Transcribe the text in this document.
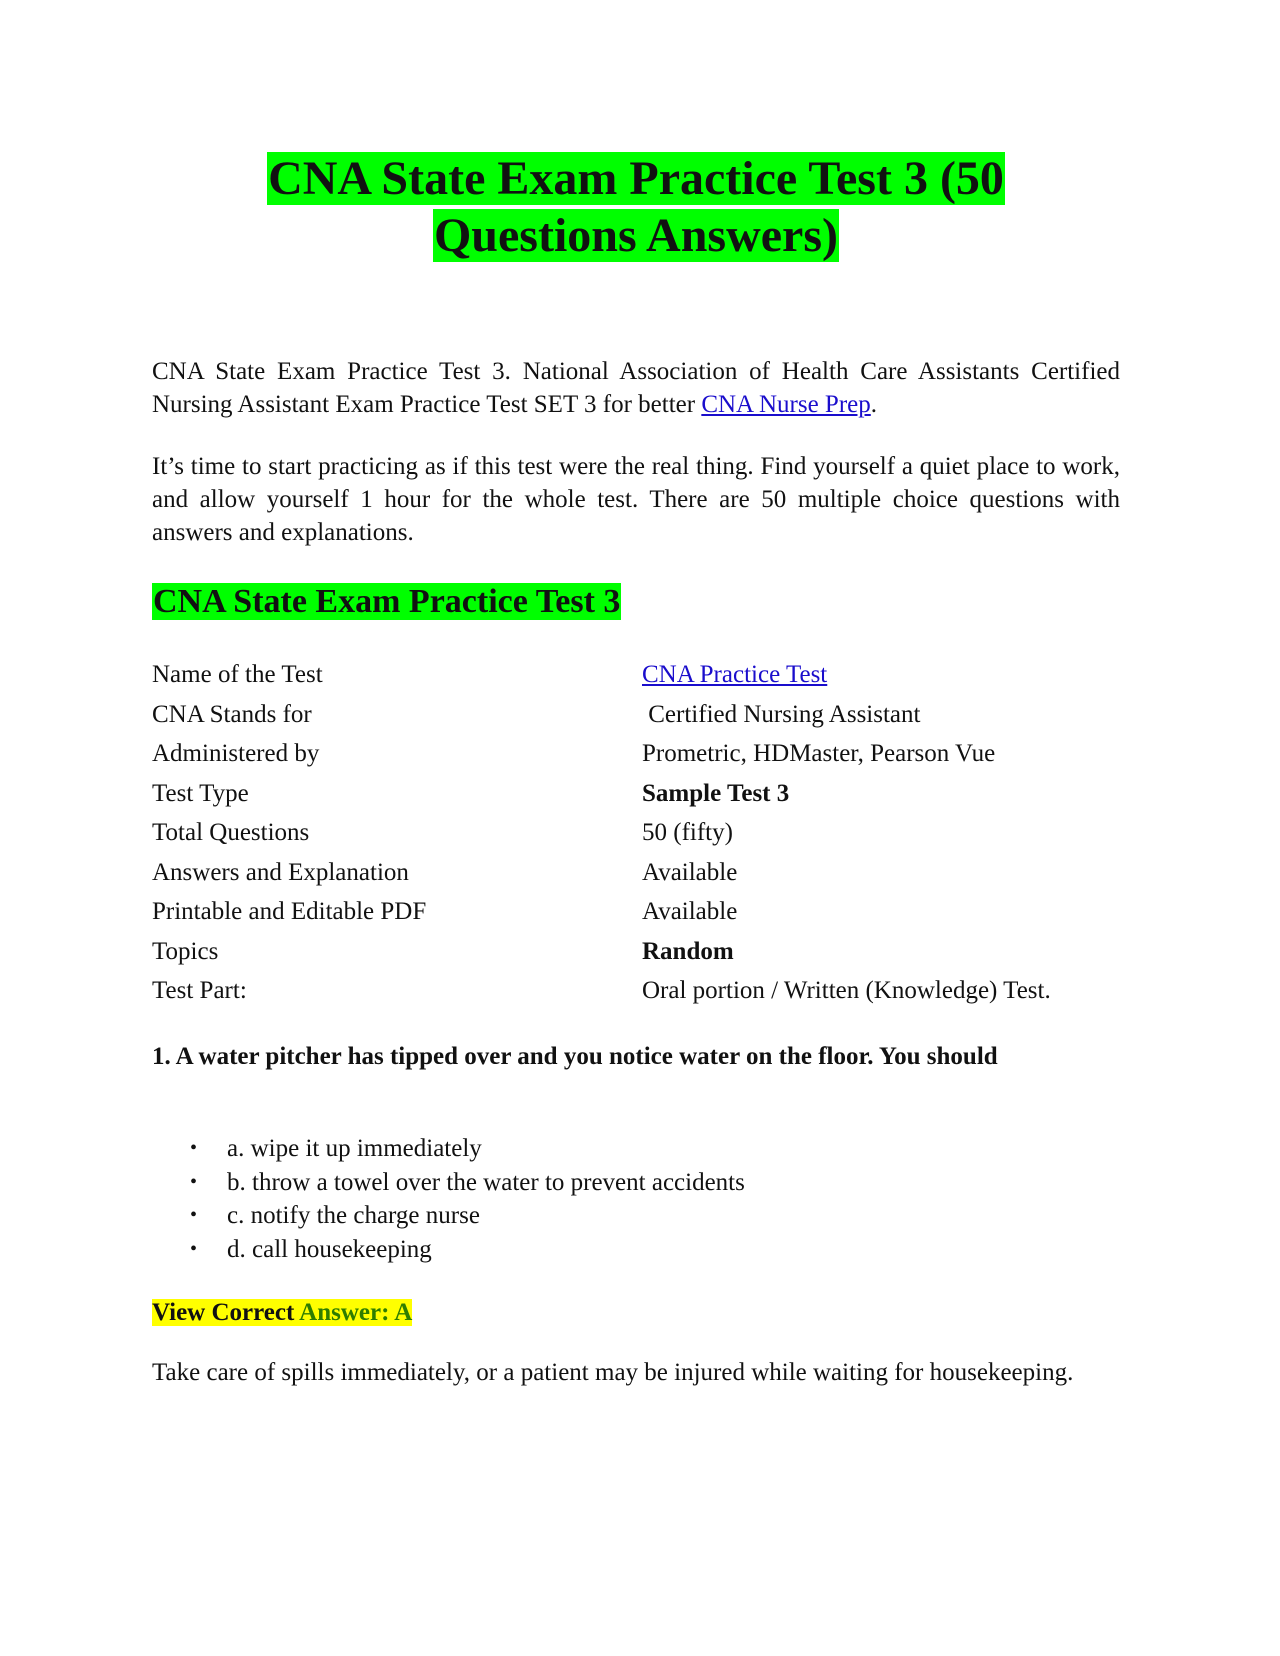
CNA State Exam Practice Test 3 (50
Questions Answers)

CNA State Exam Practice Test 3. National Association of Health Care Assistants Certified Nursing Assistant Exam Practice Test SET 3 for better CNA Nurse Prep.

It’s time to start practicing as if this test were the real thing. Find yourself a quiet place to work, and allow yourself 1 hour for the whole test. There are 50 multiple choice questions with answers and explanations.

CNA State Exam Practice Test 3
Name of the Test	CNA Practice Test
CNA Stands for	Certified Nursing Assistant
Administered by	Prometric, HDMaster, Pearson Vue
Test Type	Sample Test 3
Total Questions	50 (fifty)
Answers and Explanation	Available
Printable and Editable PDF	Available
Topics	Random
Test Part:	Oral portion / Written (Knowledge) Test.

1. A water pitcher has tipped over and you notice water on the floor. You should

• a. wipe it up immediately
• b. throw a towel over the water to prevent accidents
• c. notify the charge nurse
• d. call housekeeping

View Correct Answer: A

Take care of spills immediately, or a patient may be injured while waiting for housekeeping.
